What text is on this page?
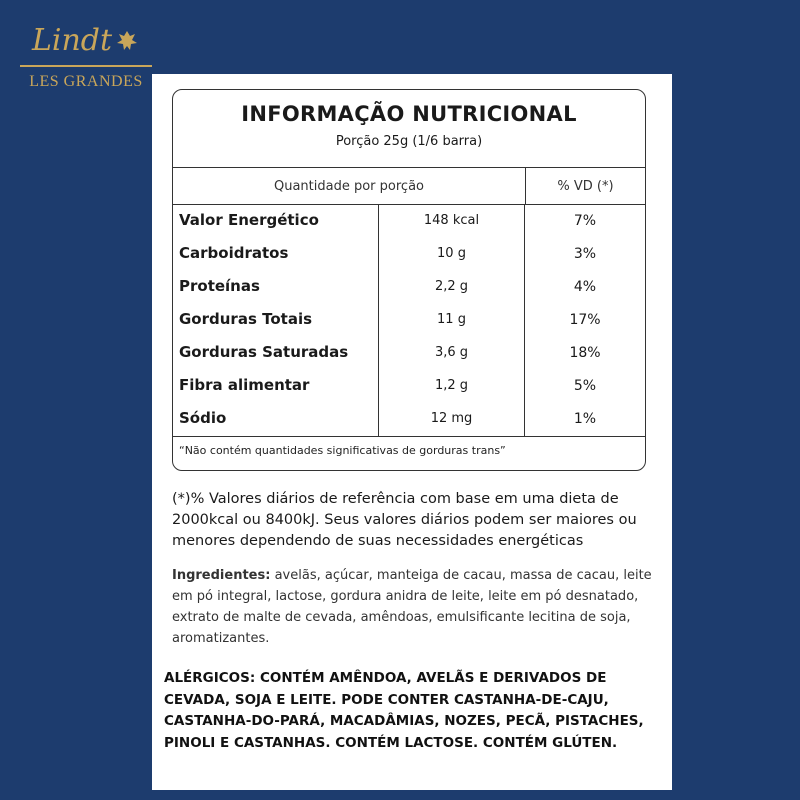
Lindt
LES GRANDES
INFORMAÇÃO NUTRICIONAL
Porção 25g (1/6 barra)
Quantidade por porção	% VD (*)
Valor Energético	148 kcal	7%
Carboidratos	10 g	3%
Proteínas	2,2 g	4%
Gorduras Totais	11 g	17%
Gorduras Saturadas	3,6 g	18%
Fibra alimentar	1,2 g	5%
Sódio	12 mg	1%
“Não contém quantidades significativas de gorduras trans”
(*)% Valores diários de referência com base em uma dieta de 2000kcal ou 8400kJ. Seus valores diários podem ser maiores ou menores dependendo de suas necessidades energéticas
Ingredientes: avelãs, açúcar, manteiga de cacau, massa de cacau, leite em pó integral, lactose, gordura anidra de leite, leite em pó desnatado, extrato de malte de cevada, amêndoas, emulsificante lecitina de soja, aromatizantes.
ALÉRGICOS: CONTÉM AMÊNDOA, AVELÃS E DERIVADOS DE CEVADA, SOJA E LEITE. PODE CONTER CASTANHA-DE-CAJU, CASTANHA-DO-PARÁ, MACADÂMIAS, NOZES, PECÃ, PISTACHES, PINOLI E CASTANHAS. CONTÉM LACTOSE. CONTÉM GLÚTEN.
